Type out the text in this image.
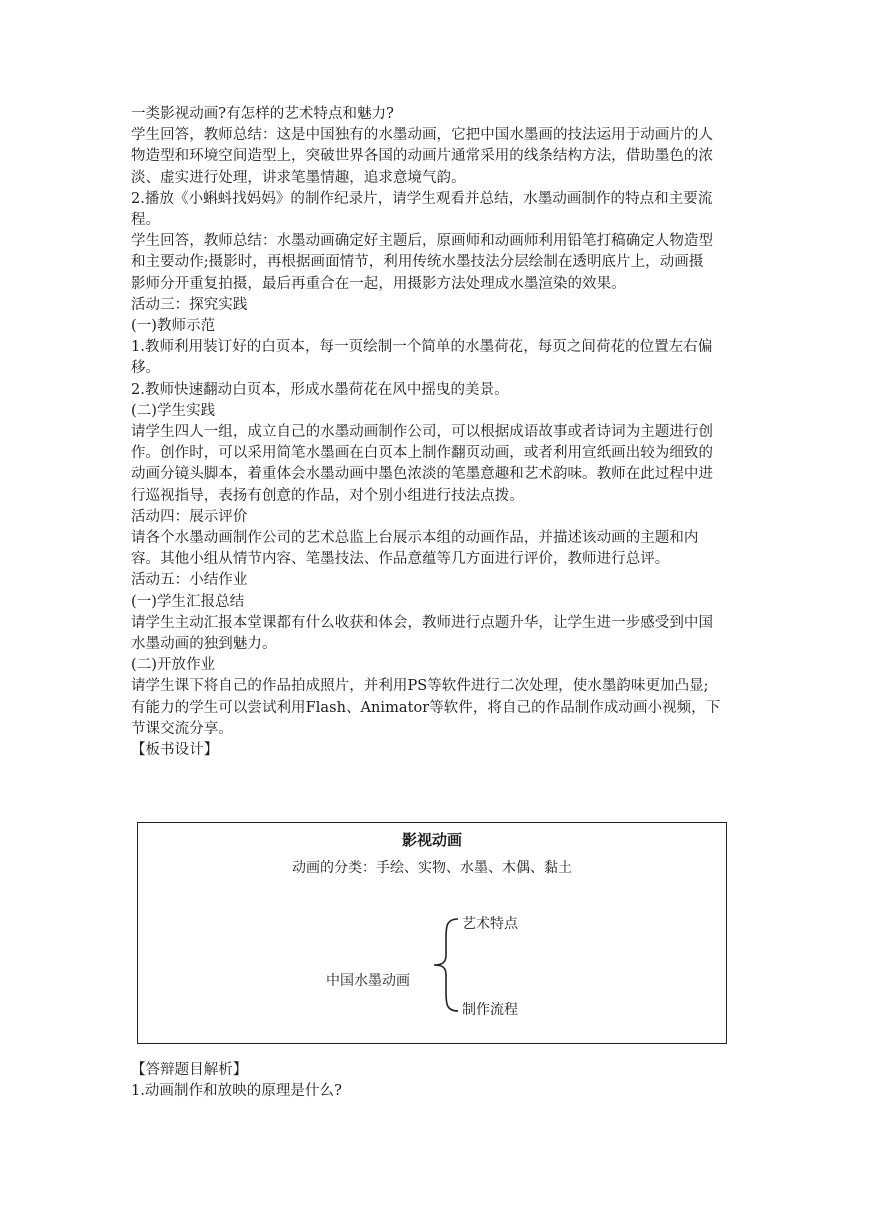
一类影视动画?有怎样的艺术特点和魅力?
学生回答，教师总结：这是中国独有的水墨动画，它把中国水墨画的技法运用于动画片的人
物造型和环境空间造型上，突破世界各国的动画片通常采用的线条结构方法，借助墨色的浓
淡、虚实进行处理，讲求笔墨情趣，追求意境气韵。
2.播放《小蝌蚪找妈妈》的制作纪录片，请学生观看并总结，水墨动画制作的特点和主要流
程。
学生回答，教师总结：水墨动画确定好主题后，原画师和动画师利用铅笔打稿确定人物造型
和主要动作;摄影时，再根据画面情节，利用传统水墨技法分层绘制在透明底片上，动画摄
影师分开重复拍摄，最后再重合在一起，用摄影方法处理成水墨渲染的效果。
活动三：探究实践
(一)教师示范
1.教师利用装订好的白页本，每一页绘制一个简单的水墨荷花，每页之间荷花的位置左右偏
移。
2.教师快速翻动白页本，形成水墨荷花在风中摇曳的美景。
(二)学生实践
请学生四人一组，成立自己的水墨动画制作公司，可以根据成语故事或者诗词为主题进行创
作。创作时，可以采用简笔水墨画在白页本上制作翻页动画，或者利用宣纸画出较为细致的
动画分镜头脚本，着重体会水墨动画中墨色浓淡的笔墨意趣和艺术韵味。教师在此过程中进
行巡视指导，表扬有创意的作品，对个别小组进行技法点拨。
活动四：展示评价
请各个水墨动画制作公司的艺术总监上台展示本组的动画作品，并描述该动画的主题和内
容。其他小组从情节内容、笔墨技法、作品意蕴等几方面进行评价，教师进行总评。
活动五：小结作业
(一)学生汇报总结
请学生主动汇报本堂课都有什么收获和体会，教师进行点题升华，让学生进一步感受到中国
水墨动画的独到魅力。
(二)开放作业
请学生课下将自己的作品拍成照片，并利用PS等软件进行二次处理，使水墨韵味更加凸显;
有能力的学生可以尝试利用Flash、Animator等软件，将自己的作品制作成动画小视频，下
节课交流分享。
【板书设计】
影视动画
动画的分类：手绘、实物、水墨、木偶、黏土
中国水墨动画
艺术特点
制作流程
【答辩题目解析】
1.动画制作和放映的原理是什么?
